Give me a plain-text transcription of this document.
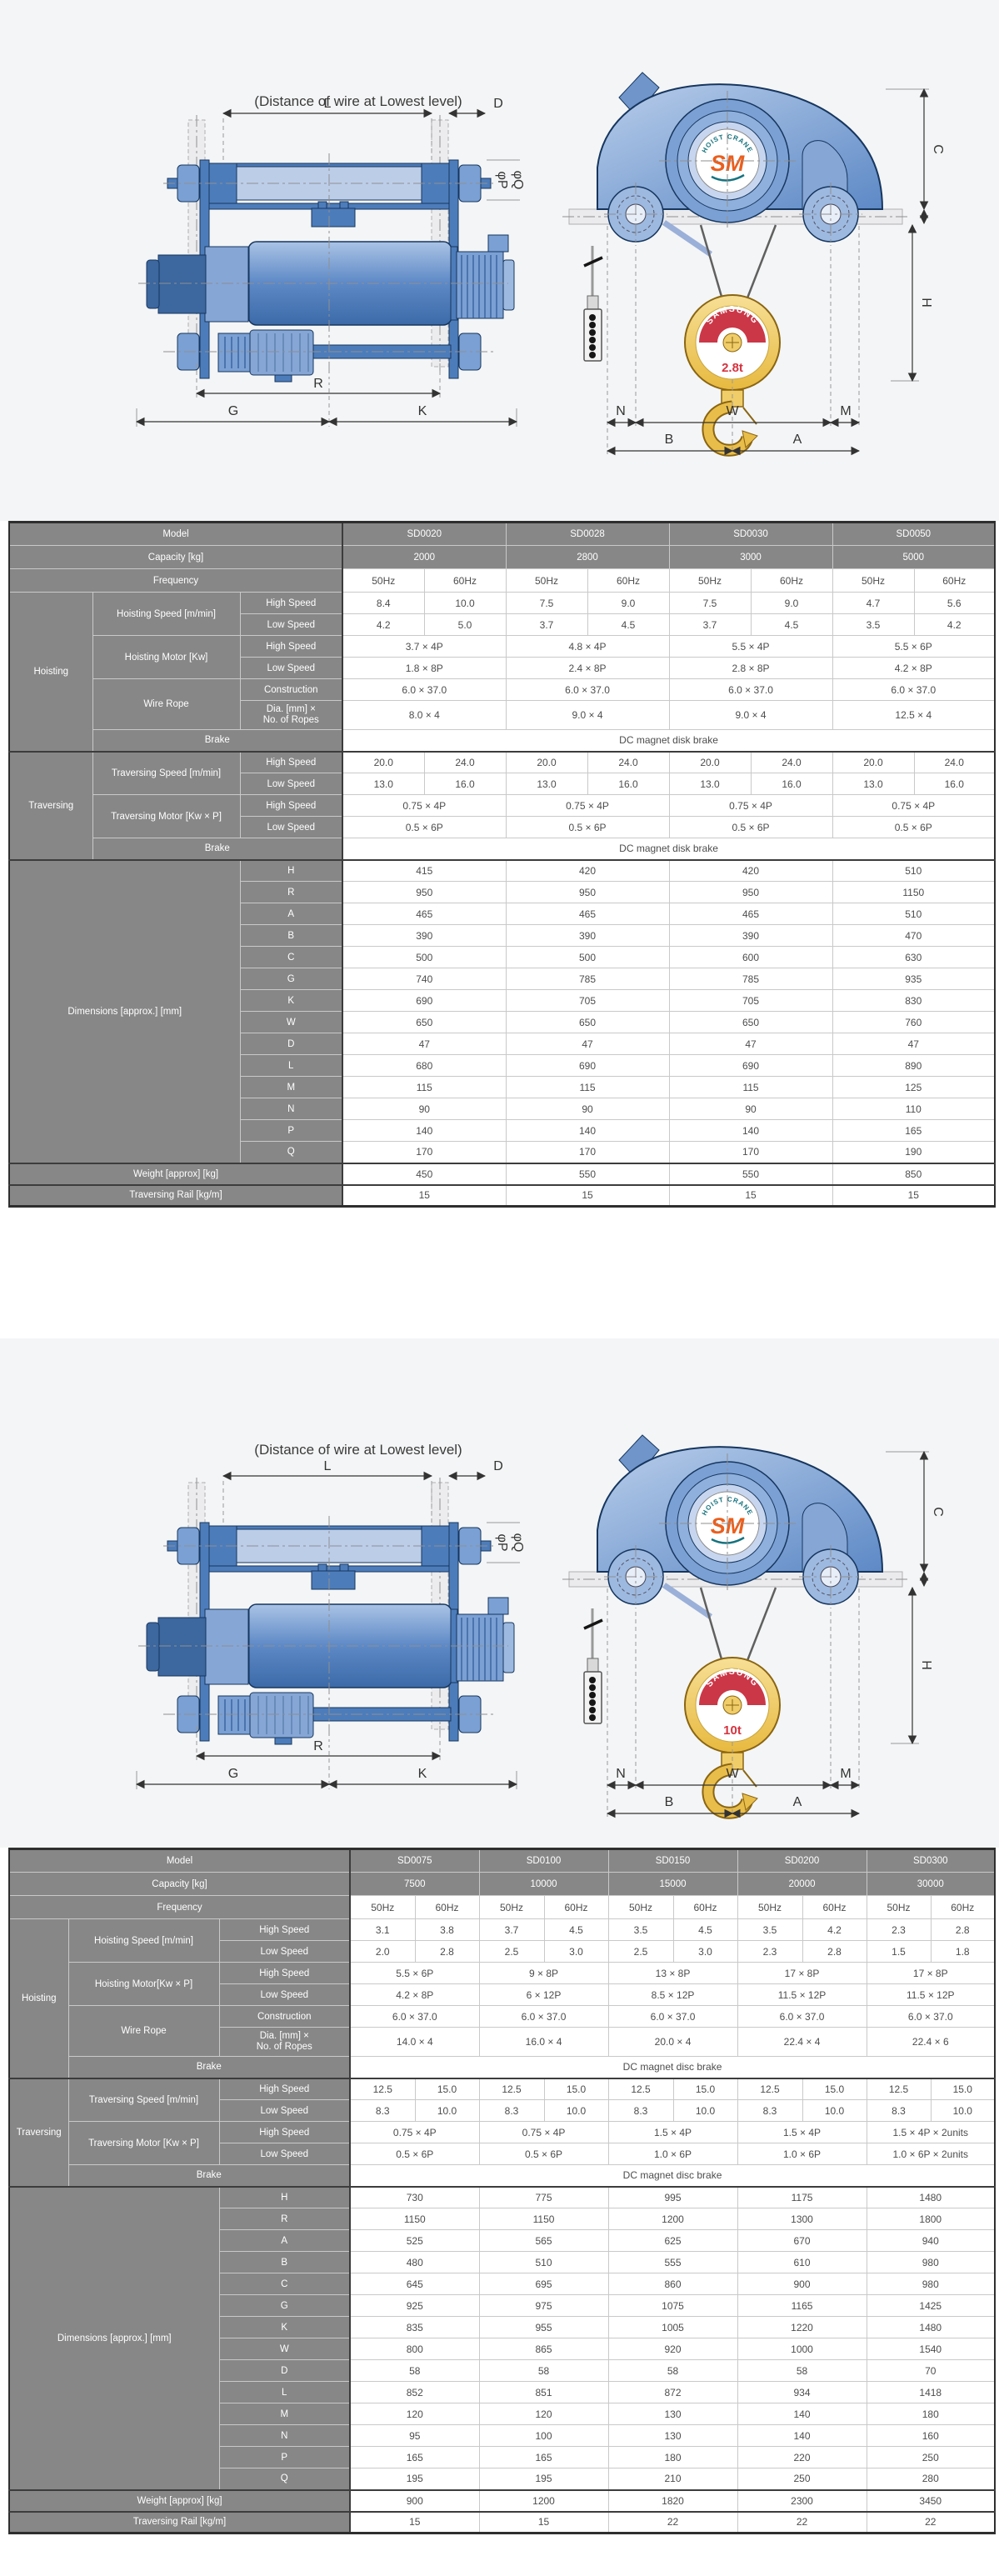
(Distance of wire at Lowest level)
2.8t
(Distance of wire at Lowest level)
10t
Model			SD0020		SD0028		SD0030		SD0050	
Capacity [kg]			2000		2800		3000		5000	
Frequency			50Hz	60Hz	50Hz	60Hz	50Hz	60Hz	50Hz	60Hz
Hoisting	Hoisting Speed [m/min]	High Speed	8.4	10.0	7.5	9.0	7.5	9.0	4.7	5.6
		Low Speed	4.2	5.0	3.7	4.5	3.7	4.5	3.5	4.2
	Hoisting Motor [Kw]	High Speed	3.7 × 4P		4.8 × 4P		5.5 × 4P		5.5 × 6P	
		Low Speed	1.8 × 8P		2.4 × 8P		2.8 × 8P		4.2 × 8P	
	Wire Rope	Construction	6.0 × 37.0		6.0 × 37.0		6.0 × 37.0		6.0 × 37.0	

		Dia. [mm] ×
No. of Ropes	8.0 × 4		9.0 × 4		9.0 × 4		12.5 × 4	
	Brake		DC magnet disk brake							
Traversing	Traversing Speed [m/min]	High Speed	20.0	24.0	20.0	24.0	20.0	24.0	20.0	24.0
		Low Speed	13.0	16.0	13.0	16.0	13.0	16.0	13.0	16.0
	Traversing Motor [Kw × P]	High Speed	0.75 × 4P		0.75 × 4P		0.75 × 4P		0.75 × 4P	
		Low Speed	0.5 × 6P		0.5 × 6P		0.5 × 6P		0.5 × 6P	
	Brake		DC magnet disk brake							
Dimensions [approx.] [mm]		H	415		420		420		510	
		R	950		950		950		1150	
		A	465		465		465		510	
		B	390		390		390		470	
		C	500		500		600		630	
		G	740		785		785		935	
		K	690		705		705		830	
		W	650		650		650		760	
		D	47		47		47		47	
		L	680		690		690		890	
		M	115		115		115		125	
		N	90		90		90		110	
		P	140		140		140		165	
		Q	170		170		170		190	
Weight [approx] [kg]			450		550		550		850	
Traversing Rail [kg/m]			15		15		15		15	
Model			SD0075		SD0100		SD0150		SD0200		SD0300	
Capacity [kg]			7500		10000		15000		20000		30000	
Frequency			50Hz	60Hz	50Hz	60Hz	50Hz	60Hz	50Hz	60Hz	50Hz	60Hz
Hoisting	Hoisting Speed [m/min]	High Speed	3.1	3.8	3.7	4.5	3.5	4.5	3.5	4.2	2.3	2.8
		Low Speed	2.0	2.8	2.5	3.0	2.5	3.0	2.3	2.8	1.5	1.8
	Hoisting Motor[Kw × P]	High Speed	5.5 × 6P		9 × 8P		13 × 8P		17 × 8P		17 × 8P	
		Low Speed	4.2 × 8P		6 × 12P		8.5 × 12P		11.5 × 12P		11.5 × 12P	
	Wire Rope	Construction	6.0 × 37.0		6.0 × 37.0		6.0 × 37.0		6.0 × 37.0		6.0 × 37.0	

		Dia. [mm] ×
No. of Ropes	14.0 × 4		16.0 × 4		20.0 × 4		22.4 × 4		22.4 × 6	
	Brake		DC magnet disc brake									
Traversing	Traversing Speed [m/min]	High Speed	12.5	15.0	12.5	15.0	12.5	15.0	12.5	15.0	12.5	15.0
		Low Speed	8.3	10.0	8.3	10.0	8.3	10.0	8.3	10.0	8.3	10.0
	Traversing Motor [Kw × P]	High Speed	0.75 × 4P		0.75 × 4P		1.5 × 4P		1.5 × 4P		1.5 × 4P × 2units	
		Low Speed	0.5 × 6P		0.5 × 6P		1.0 × 6P		1.0 × 6P		1.0 × 6P × 2units	
	Brake		DC magnet disc brake									
Dimensions [approx.] [mm]		H	730		775		995		1175		1480	
		R	1150		1150		1200		1300		1800	
		A	525		565		625		670		940	
		B	480		510		555		610		980	
		C	645		695		860		900		980	
		G	925		975		1075		1165		1425	
		K	835		955		1005		1220		1480	
		W	800		865		920		1000		1540	
		D	58		58		58		58		70	
		L	852		851		872		934		1418	
		M	120		120		130		140		180	
		N	95		100		130		140		160	
		P	165		165		180		220		250	
		Q	195		195		210		250		280	
Weight [approx] [kg]			900		1200		1820		2300		3450	
Traversing Rail [kg/m]			15		15		22		22		22	
